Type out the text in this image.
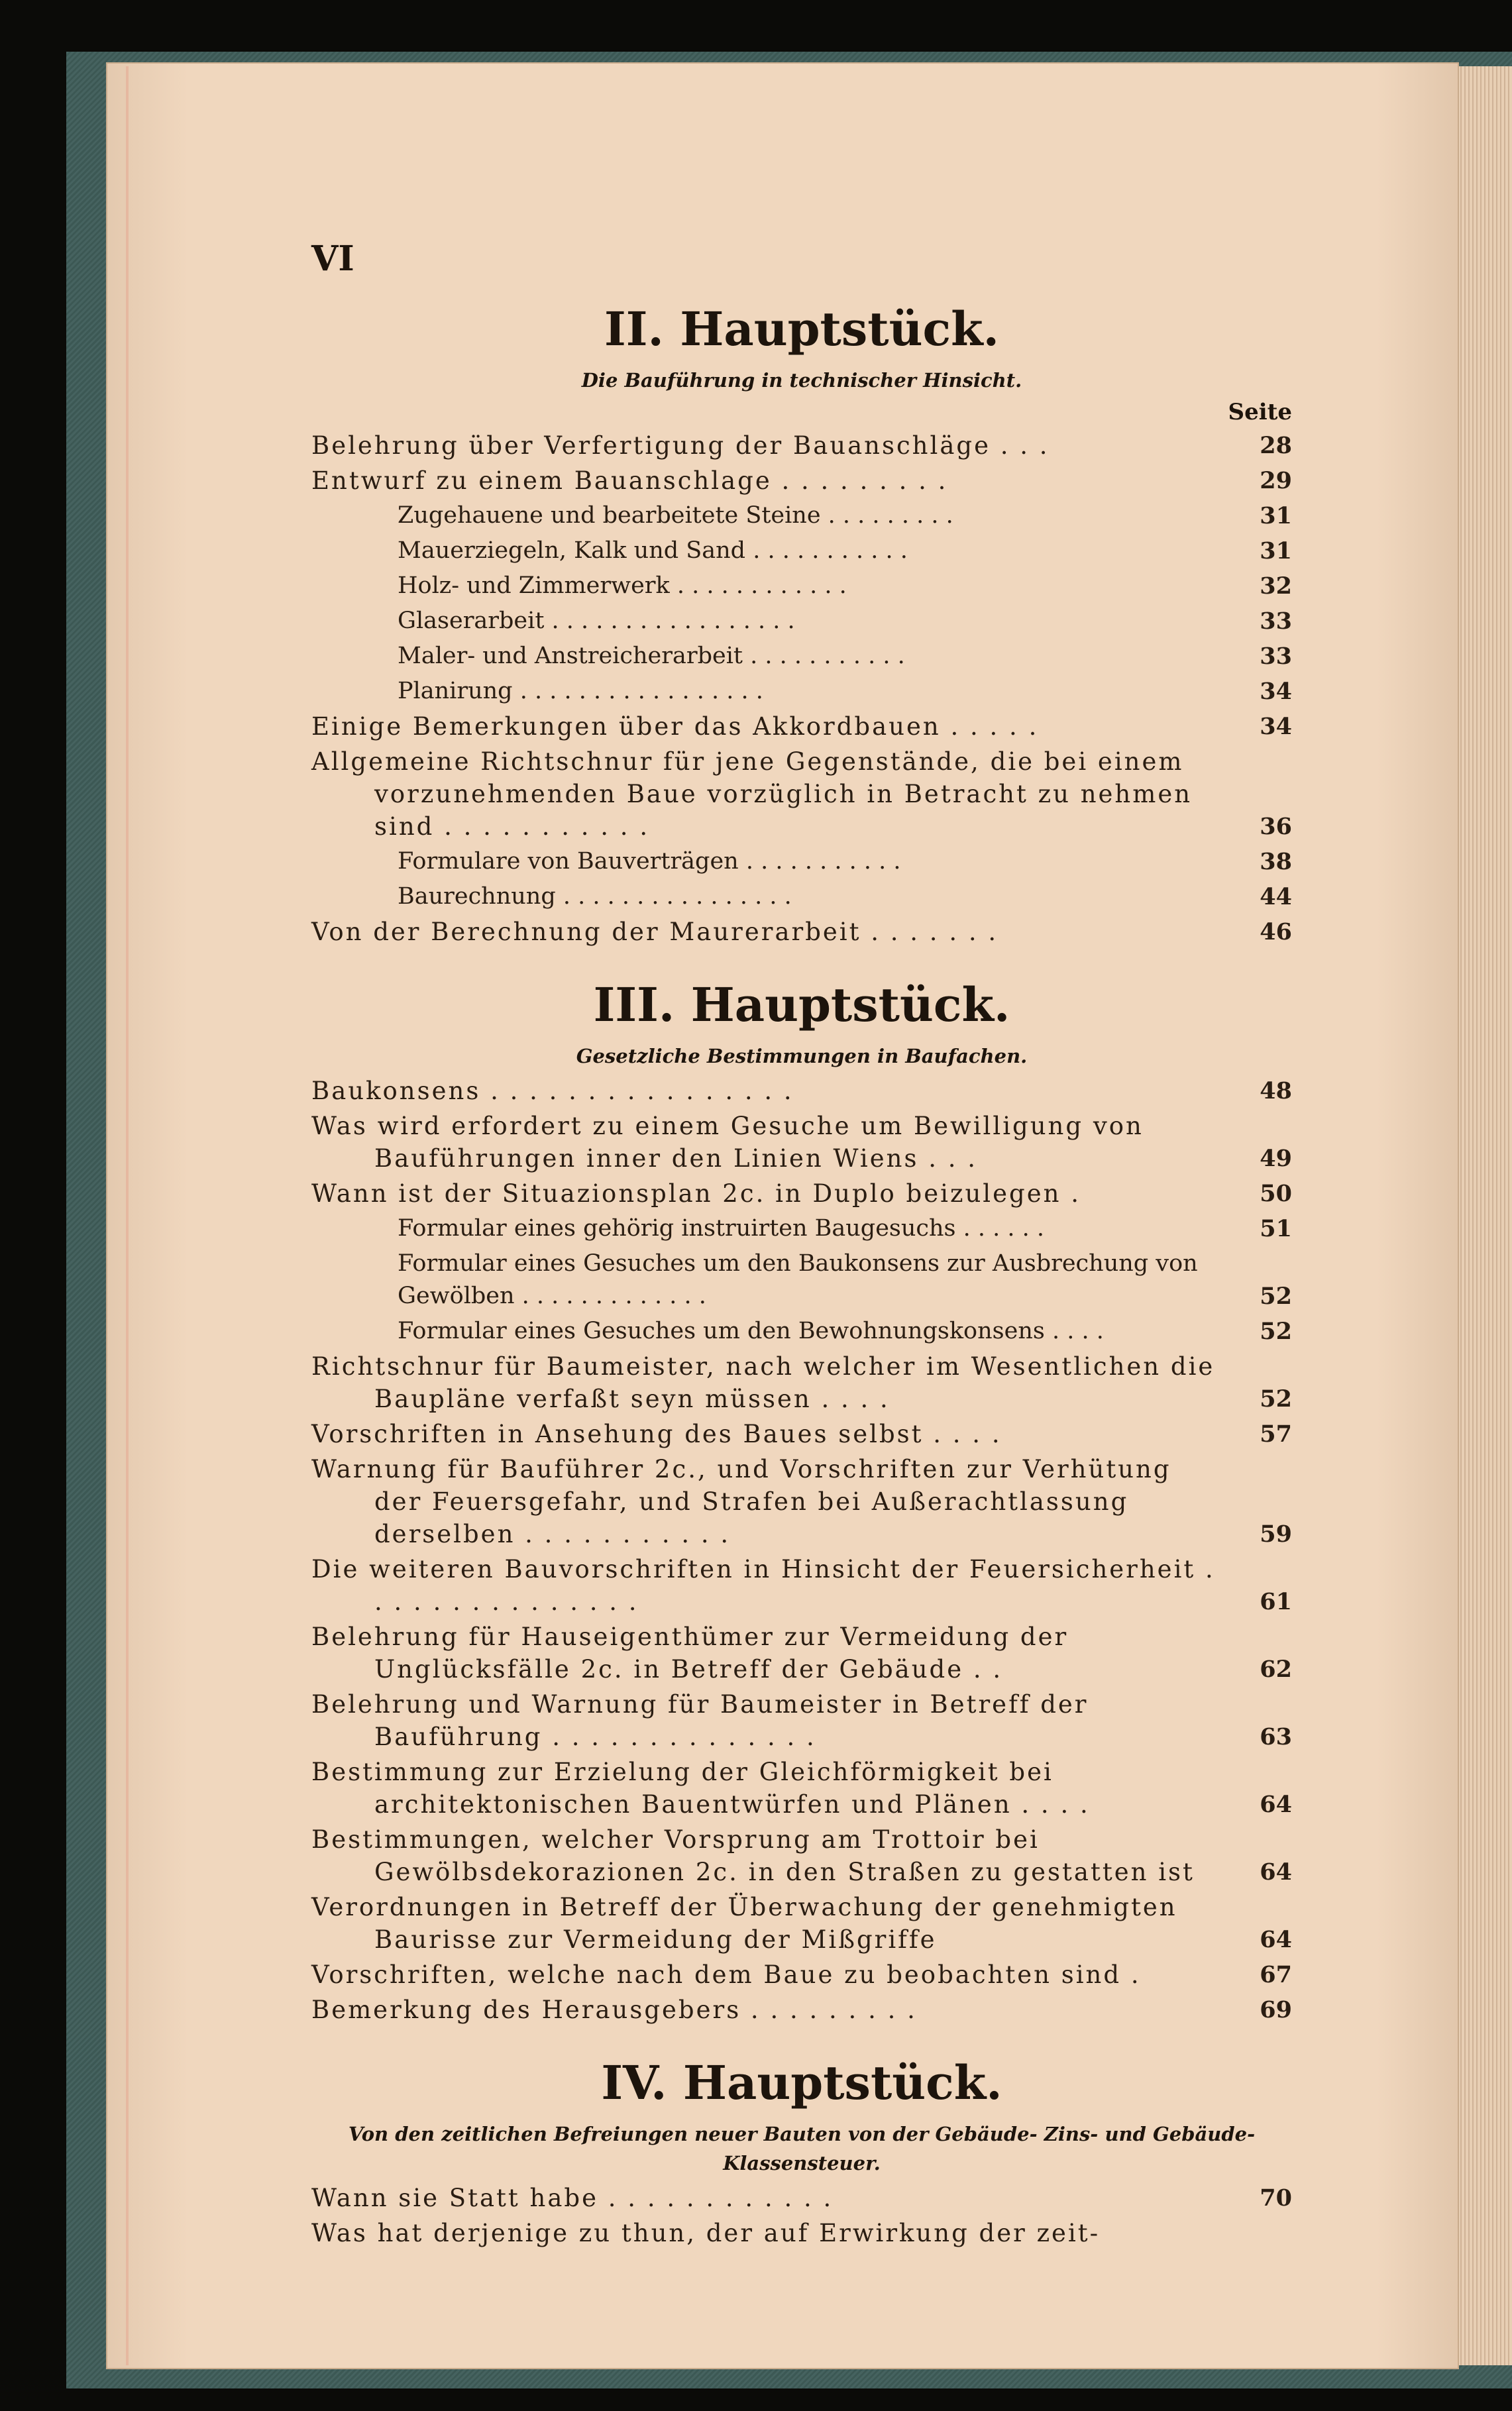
VI

II. Hauptstück.

Die Bauführung in technischer Hinsicht.

Seite

Belehrung über Verfertigung der Bauanschläge . . .	28
Entwurf zu einem Bauanschlage . . . . . . . . .	29
Zugehauene und bearbeitete Steine . . . . . . . . .	31
Mauerziegeln, Kalk und Sand . . . . . . . . . . .	31
Holz- und Zimmerwerk . . . . . . . . . . . .	32
Glaserarbeit . . . . . . . . . . . . . . . . .	33
Maler- und Anstreicherarbeit . . . . . . . . . . .	33
Planirung . . . . . . . . . . . . . . . . .	34
Einige Bemerkungen über das Akkordbauen . . . . .	34
Allgemeine Richtschnur für jene Gegenstände, die bei einem vorzunehmenden Baue vorzüglich in Betracht zu nehmen sind . . . . . . . . . . .	36
Formulare von Bauverträgen . . . . . . . . . . .	38
Baurechnung . . . . . . . . . . . . . . . .	44
Von der Berechnung der Maurerarbeit . . . . . . .	46
III. Hauptstück.

Gesetzliche Bestimmungen in Baufachen.

Baukonsens . . . . . . . . . . . . . . . .	48
Was wird erfordert zu einem Gesuche um Bewilligung von Bauführungen inner den Linien Wiens . . .	49
Wann ist der Situazionsplan 2c. in Duplo beizulegen .	50
Formular eines gehörig instruirten Baugesuchs . . . . . .	51
Formular eines Gesuches um den Baukonsens zur Ausbrechung von Gewölben . . . . . . . . . . . . .	52
Formular eines Gesuches um den Bewohnungskonsens . . . .	52
Richtschnur für Baumeister, nach welcher im Wesentlichen die Baupläne verfaßt seyn müssen . . . .	52
Vorschriften in Ansehung des Baues selbst . . . .	57
Warnung für Bauführer 2c., und Vorschriften zur Verhütung der Feuersgefahr, und Strafen bei Außerachtlassung derselben . . . . . . . . . . .	59
Die weiteren Bauvorschriften in Hinsicht der Feuersicherheit . . . . . . . . . . . . . . .	61
Belehrung für Hauseigenthümer zur Vermeidung der Unglücksfälle 2c. in Betreff der Gebäude . .	62
Belehrung und Warnung für Baumeister in Betreff der Bauführung . . . . . . . . . . . . . .	63
Bestimmung zur Erzielung der Gleichförmigkeit bei architektonischen Bauentwürfen und Plänen . . . .	64
Bestimmungen, welcher Vorsprung am Trottoir bei Gewölbsdekorazionen 2c. in den Straßen zu gestatten ist	64
Verordnungen in Betreff der Überwachung der genehmigten Baurisse zur Vermeidung der Mißgriffe	64
Vorschriften, welche nach dem Baue zu beobachten sind .	67
Bemerkung des Herausgebers . . . . . . . . .	69
IV. Hauptstück.

Von den zeitlichen Befreiungen neuer Bauten von der Gebäude- Zins- und Gebäude- Klassensteuer.

Wann sie Statt habe . . . . . . . . . . . .	70
Was hat derjenige zu thun, der auf Erwirkung der zeit-
